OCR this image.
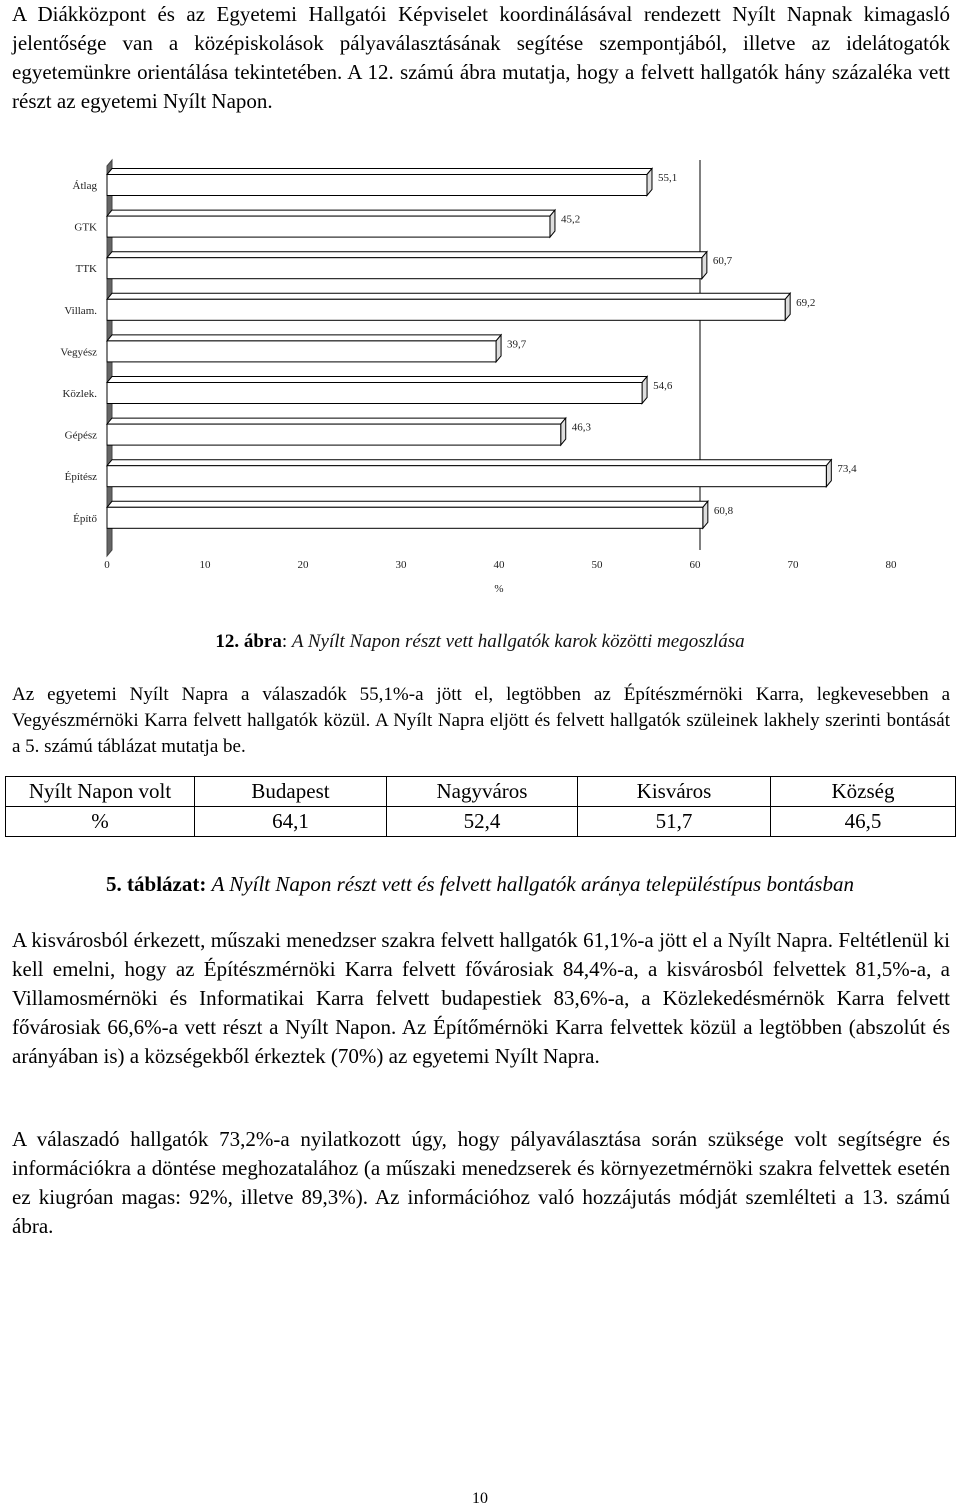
A Diákközpont és az Egyetemi Hallgatói Képviselet koordinálásával rendezett Nyílt Napnak kimagasló jelentősége van a középiskolások pályaválasztásának segítése szempontjából, illetve az idelátogatók egyetemünkre orientálása tekintetében. A 12. számú ábra mutatja, hogy a felvett hallgatók hány százaléka vett részt az egyetemi Nyílt Napon.
Átlag
GTK
TTK
Villam.
Vegyész
Közlek.
Gépész
Építész
Építő
55,1
45,2
60,7
69,2
39,7
54,6
46,3
73,4
60,8
0	10	20	30	40	50	60	70	80
%
12. ábra: A Nyílt Napon részt vett hallgatók karok közötti megoszlása
Az egyetemi Nyílt Napra a válaszadók 55,1%-a jött el, legtöbben az Építészmérnöki Karra, legkevesebben a Vegyészmérnöki Karra felvett hallgatók közül. A Nyílt Napra eljött és felvett hallgatók szüleinek lakhely szerinti bontását a 5. számú táblázat mutatja be.
Nyílt Napon volt	Budapest	Nagyváros	Kisváros	Község
%	64,1	52,4	51,7	46,5
5. táblázat: A Nyílt Napon részt vett és felvett hallgatók aránya településtípus bontásban
A kisvárosból érkezett, műszaki menedzser szakra felvett hallgatók 61,1%-a jött el a Nyílt Napra. Feltétlenül ki kell emelni, hogy az Építészmérnöki Karra felvett fővárosiak 84,4%-a, a kisvárosból felvettek 81,5%-a, a Villamosmérnöki és Informatikai Karra felvett budapestiek 83,6%-a, a Közlekedésmérnök Karra felvett fővárosiak 66,6%-a vett részt a Nyílt Napon. Az Építőmérnöki Karra felvettek közül a legtöbben (abszolút és arányában is) a községekből érkeztek (70%) az egyetemi Nyílt Napra.
A válaszadó hallgatók 73,2%-a nyilatkozott úgy, hogy pályaválasztása során szüksége volt segítségre és információkra a döntése meghozatalához (a műszaki menedzserek és környezetmérnöki szakra felvettek esetén ez kiugróan magas: 92%, illetve 89,3%). Az információhoz való hozzájutás módját szemlélteti a 13. számú ábra.
10
